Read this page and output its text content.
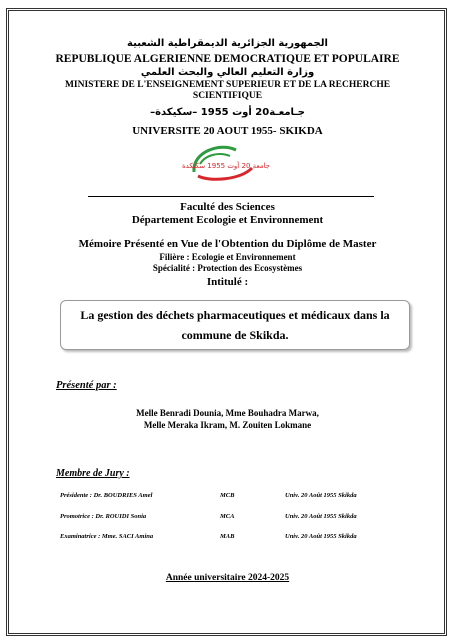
الجمهورية الجزائرية الديمقراطية الشعبية
REPUBLIQUE ALGERIENNE DEMOCRATIQUE ET POPULAIRE
وزارة التعليم العالي والبحث العلمي
MINISTERE DE L'ENSEIGNEMENT SUPERIEUR ET DE LA RECHERCHE
SCIENTIFIQUE
جـامعـة20 أوت 1955 –سكيكدة–
UNIVERSITE 20 AOUT 1955- SKIKDA
جامعة 20 أوت 1955 سكيكدة
Faculté des Sciences
Département Ecologie et Environnement
Mémoire Présenté en Vue de l'Obtention du Diplôme de Master
Filière : Ecologie et Environnement
Spécialité : Protection des Ecosystèmes
Intitulé :
La gestion des déchets pharmaceutiques et médicaux dans la
commune de Skikda.
Présenté par :
Melle Benradi Dounia, Mme Bouhadra Marwa,
Melle Meraka Ikram, M. Zouiten Lokmane
Membre de Jury :
Présidente : Dr. BOUDRIES Amel	MCB	Univ. 20 Août 1955 Skikda
Promotrice : Dr. ROUIDI Sonia	MCA	Univ. 20 Août 1955 Skikda
Examinatrice : Mme. SACI Amina	MAB	Univ. 20 Août 1955 Skikda
Année universitaire 2024-2025
